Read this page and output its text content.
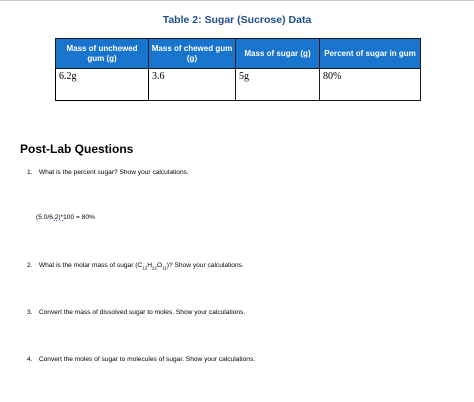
Table 2: Sugar (Sucrose) Data
Mass of unchewed gum (g)	Mass of chewed gum (g)	Mass of sugar (g)	Percent of sugar in gum
6.2g	3.6	5g	80%
Post-Lab Questions
1. What is the percent sugar? Show your calculations.
(5.0/6.2)*100 = 80%
2. What is the molar mass of sugar $(C_{12}H_{22}O_{11})$? Show your calculations.
3. Convert the mass of dissolved sugar to moles. Show your calculations.
4. Convert the moles of sugar to molecules of sugar. Show your calculations.
